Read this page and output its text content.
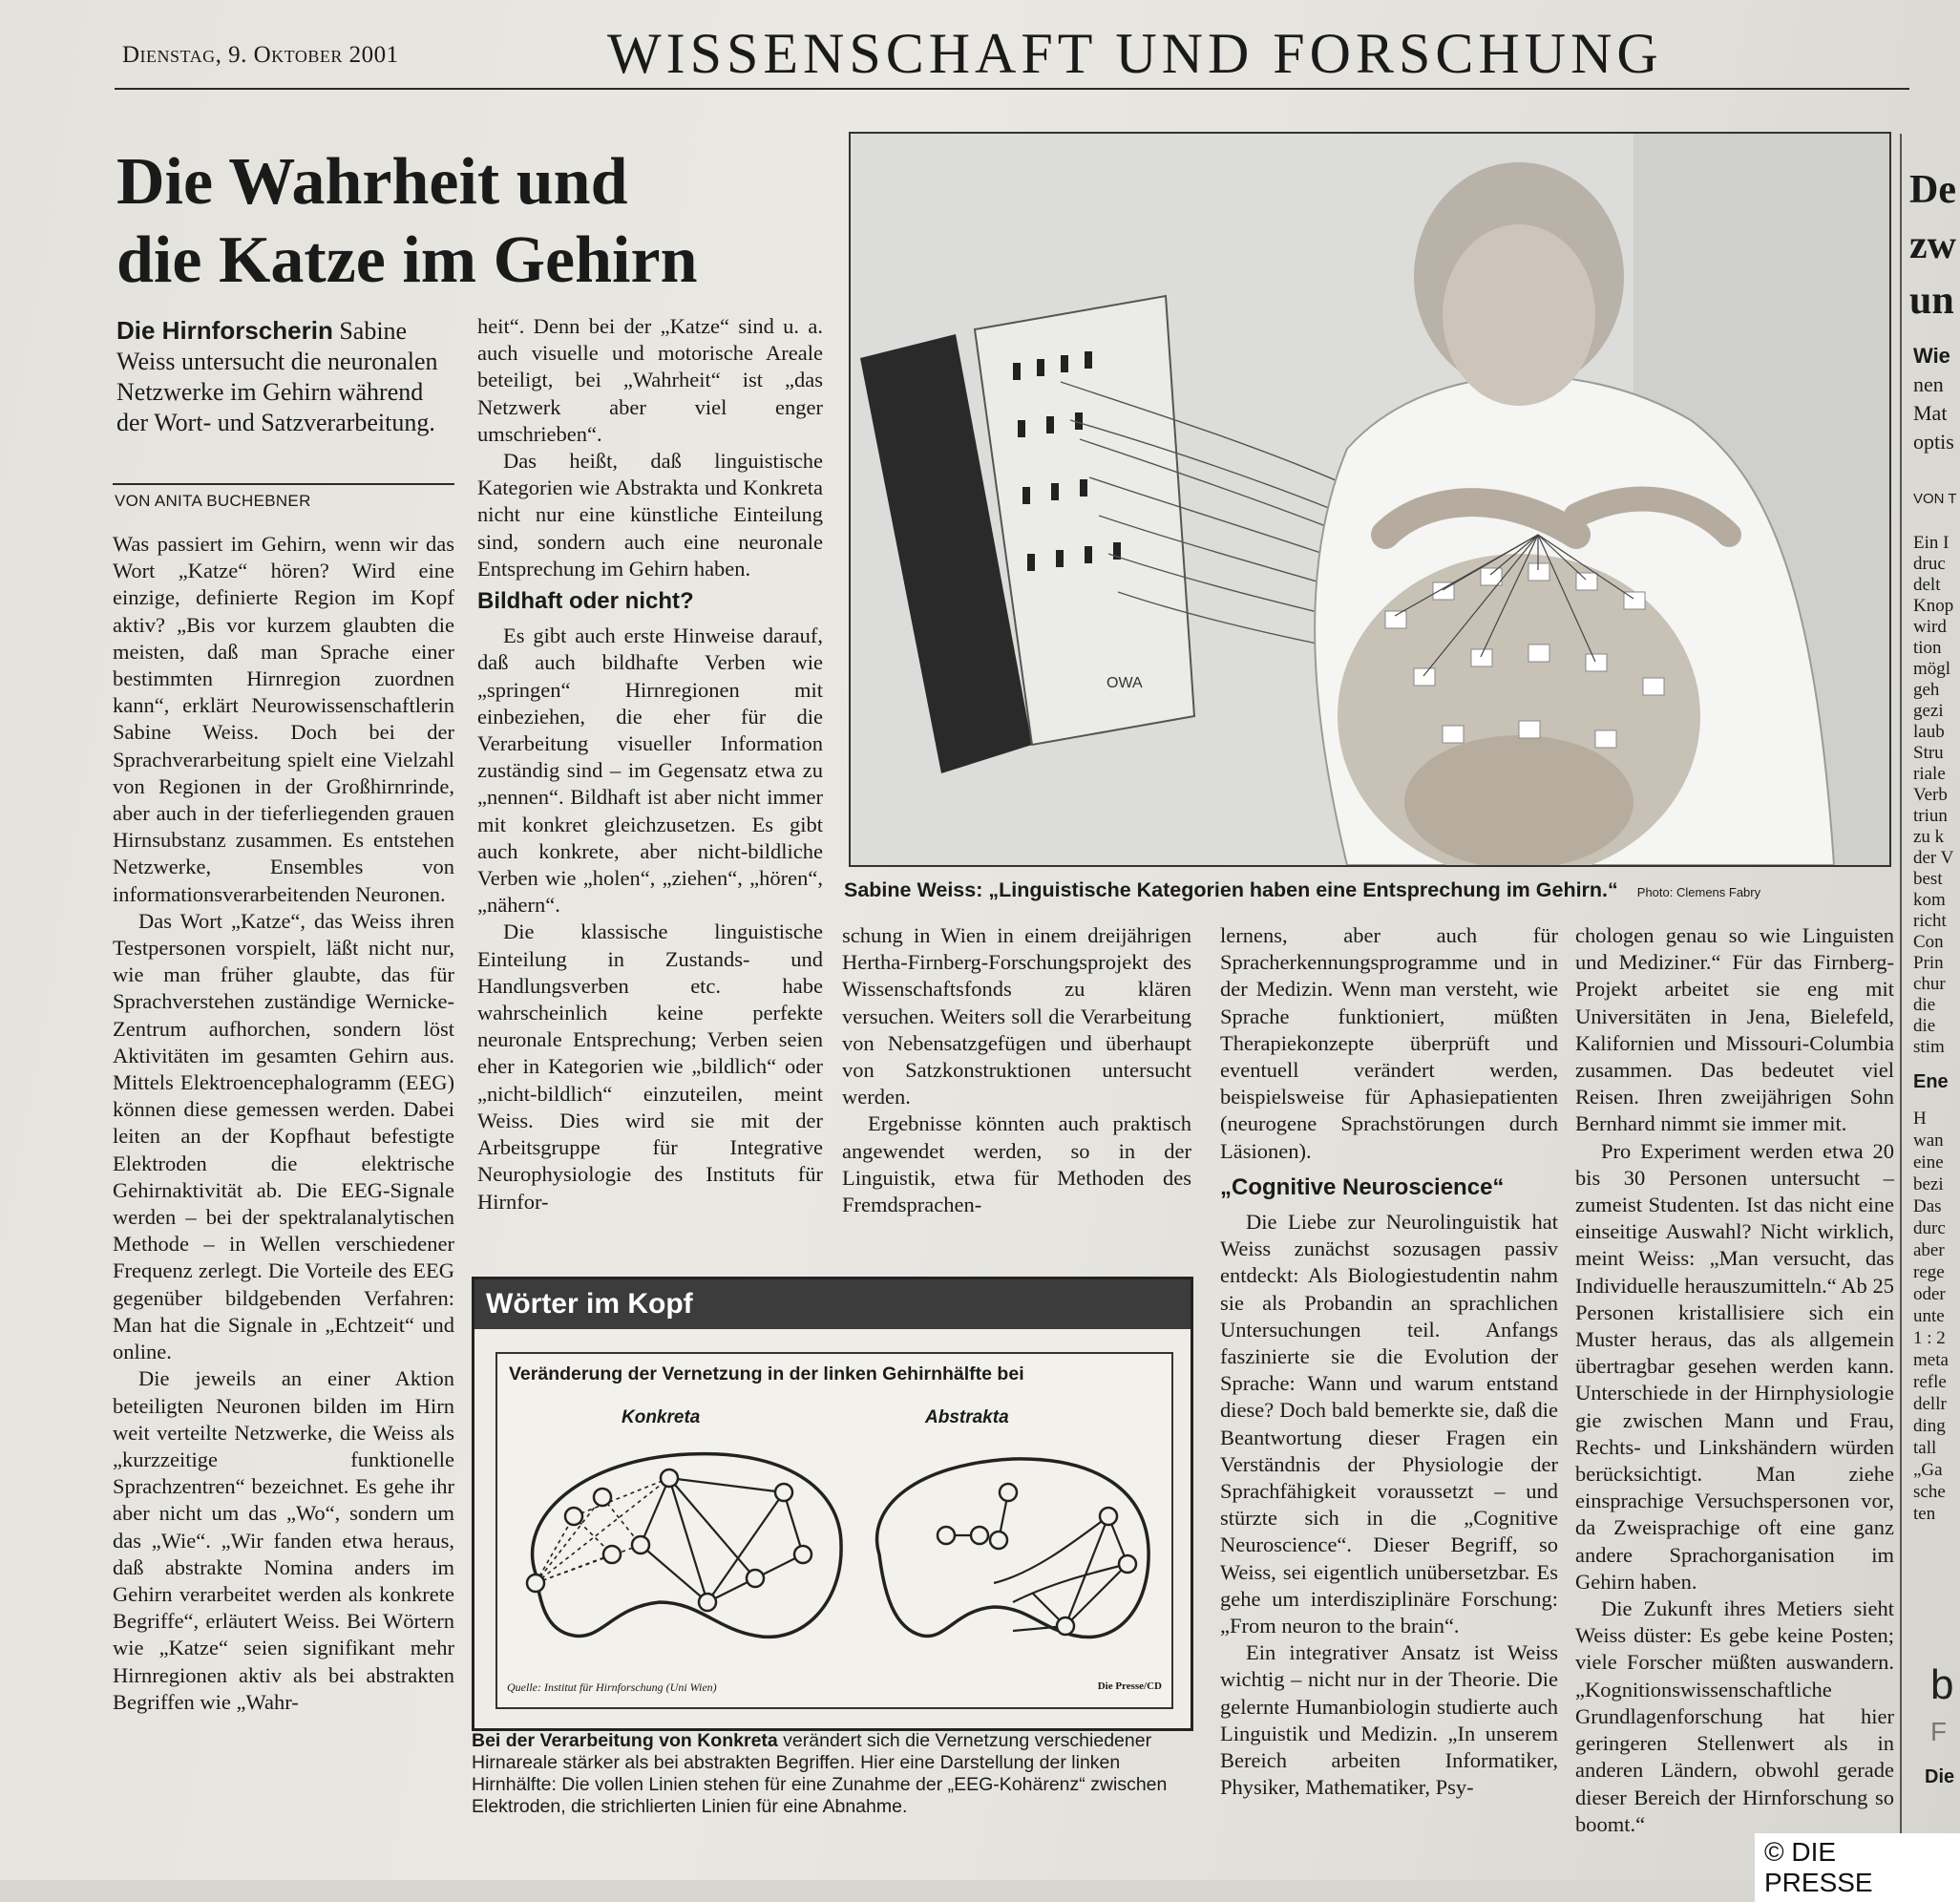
Dienstag, 9. Oktober 2001	WISSENSCHAFT UND FORSCHUNG
Die Wahrheit und
die Katze im Gehirn
Die Hirnforscherin Sabine Weiss untersucht die neuronalen Netzwerke im Gehirn während der Wort- und Satzverarbeitung.
VON ANITA BUCHEBNER

Was passiert im Gehirn, wenn wir das Wort „Katze“ hören? Wird eine einzige, definierte Region im Kopf aktiv? „Bis vor kurzem glaubten die meisten, daß man Sprache einer bestimmten Hirnregion zuordnen kann“, erklärt Neurowissenschaftlerin Sabine Weiss. Doch bei der Sprachverarbeitung spielt eine Vielzahl von Regionen in der Großhirnrinde, aber auch in der tieferliegenden grauen Hirnsubstanz zusammen. Es entstehen Netzwerke, Ensembles von informationsverarbeitenden Neuronen.

Das Wort „Katze“, das Weiss ihren Testpersonen vorspielt, läßt nicht nur, wie man früher glaubte, das für Sprachverstehen zuständige Wernicke-Zentrum aufhorchen, sondern löst Aktivitäten im gesamten Gehirn aus. Mittels Elektroencephalogramm (EEG) können diese gemessen werden. Dabei leiten an der Kopfhaut befestigte Elektroden die elektrische Gehirnaktivität ab. Die EEG-Signale werden – bei der spektralanalytischen Methode – in Wellen verschiedener Frequenz zerlegt. Die Vorteile des EEG gegenüber bildgebenden Verfahren: Man hat die Signale in „Echtzeit“ und online.

Die jeweils an einer Aktion beteiligten Neuronen bilden im Hirn weit verteilte Netzwerke, die Weiss als „kurzzeitige funktionelle Sprachzentren“ bezeichnet. Es gehe ihr aber nicht um das „Wo“, sondern um das „Wie“. „Wir fanden etwa heraus, daß abstrakte Nomina anders im Gehirn verarbeitet werden als konkrete Begriffe“, erläutert Weiss. Bei Wörtern wie „Katze“ seien signifikant mehr Hirnregionen aktiv als bei abstrakten Begriffen wie „Wahr-

heit“. Denn bei der „Katze“ sind u. a. auch visuelle und motorische Areale beteiligt, bei „Wahrheit“ ist „das Netzwerk aber viel enger umschrieben“.

Das heißt, daß linguistische Kategorien wie Abstrakta und Konkreta nicht nur eine künstliche Einteilung sind, sondern auch eine neuronale Entsprechung im Gehirn haben.

Bildhaft oder nicht?

Es gibt auch erste Hinweise darauf, daß auch bildhafte Verben wie „springen“ Hirnregionen mit einbeziehen, die eher für die Verarbeitung visueller Information zuständig sind – im Gegensatz etwa zu „nennen“. Bildhaft ist aber nicht immer mit konkret gleichzusetzen. Es gibt auch konkrete, aber nicht-bildliche Verben wie „holen“, „ziehen“, „hören“, „nähern“.

Die klassische linguistische Einteilung in Zustands- und Handlungsverben etc. habe wahrscheinlich keine perfekte neuronale Entsprechung; Verben seien eher in Kategorien wie „bildlich“ oder „nicht-bildlich“ einzuteilen, meint Weiss. Dies wird sie mit der Arbeitsgruppe für Integrative Neurophysiologie des Instituts für Hirnfor-

OWA
Sabine Weiss: „Linguistische Kategorien haben eine Entsprechung im Gehirn.“ Photo: Clemens Fabry

schung in Wien in einem dreijährigen Hertha-Firnberg-Forschungsprojekt des Wissenschaftsfonds zu klären versuchen. Weiters soll die Verarbeitung von Nebensatzgefügen und überhaupt von Satzkonstruktionen untersucht werden.

Ergebnisse könnten auch praktisch angewendet werden, so in der Linguistik, etwa für Methoden des Fremdsprachen-

Wörter im Kopf
Veränderung der Vernetzung in der linken Gehirnhälfte bei
Konkreta	Abstrakta
Quelle: Institut für Hirnforschung (Uni Wien)	Die Presse/CD
Bei der Verarbeitung von Konkreta verändert sich die Vernetzung verschiedener Hirnareale stärker als bei abstrakten Begriffen. Hier eine Darstellung der linken Hirnhälfte: Die vollen Linien stehen für eine Zunahme der „EEG-Kohärenz“ zwischen Elektroden, die strichlierten Linien für eine Abnahme.

lernens, aber auch für Spracherkennungsprogramme und in der Medizin. Wenn man versteht, wie Sprache funktioniert, müßten Therapiekonzepte überprüft und eventuell verändert werden, beispielsweise für Aphasiepatienten (neurogene Sprachstörungen durch Läsionen).

„Cognitive Neuroscience“

Die Liebe zur Neurolinguistik hat Weiss zunächst sozusagen passiv entdeckt: Als Biologiestudentin nahm sie als Probandin an sprachlichen Untersuchungen teil. Anfangs faszinierte sie die Evolution der Sprache: Wann und warum entstand diese? Doch bald bemerkte sie, daß die Beantwortung dieser Fragen ein Verständnis der Physiologie der Sprachfähigkeit voraussetzt – und stürzte sich in die „Cognitive Neuroscience“. Dieser Begriff, so Weiss, sei eigentlich unübersetzbar. Es gehe um interdisziplinäre Forschung: „From neuron to the brain“.

Ein integrativer Ansatz ist Weiss wichtig – nicht nur in der Theorie. Die gelernte Humanbiologin studierte auch Linguistik und Medizin. „In unserem Bereich arbeiten Informatiker, Physiker, Mathematiker, Psy-

chologen genau so wie Linguisten und Mediziner.“ Für das Firnberg-Projekt arbeitet sie eng mit Universitäten in Jena, Bielefeld, Kalifornien und Missouri-Columbia zusammen. Das bedeutet viel Reisen. Ihren zweijährigen Sohn Bernhard nimmt sie immer mit.

Pro Experiment werden etwa 20 bis 30 Personen untersucht – zumeist Studenten. Ist das nicht eine einseitige Auswahl? Nicht wirklich, meint Weiss: „Man versucht, das Individuelle herauszumitteln.“ Ab 25 Personen kristallisiere sich ein Muster heraus, das als allgemein übertragbar gesehen werden kann. Unterschiede in der Hirnphysiologie gie zwischen Mann und Frau, Rechts- und Linkshändern würden berücksichtigt. Man ziehe einsprachige Versuchspersonen vor, da Zweisprachige oft eine ganz andere Sprachorganisation im Gehirn haben.

Die Zukunft ihres Metiers sieht Weiss düster: Es gebe keine Posten; viele Forscher müßten auswandern. „Kognitionswissenschaftliche Grundlagenforschung hat hier geringeren Stellenwert als in anderen Ländern, obwohl gerade dieser Bereich der Hirnforschung so boomt.“

De
zw
un
Wie
nen
Mat
optis
VON T
Ein I
druc
delt
Knop
wird
tion
mögl
geh
gezi
laub
Stru
riale
Verb
triun
zu k
der V
best
kom
richt
Con
Prin
chur
die
die
stim
Ene
H
wan
eine
bezi
Das
durc
aber
rege
oder
unte
1 : 2
meta
refle
dellr
ding
tall
„Ga
sche
ten
b
F
Die
© DIE PRESSE
